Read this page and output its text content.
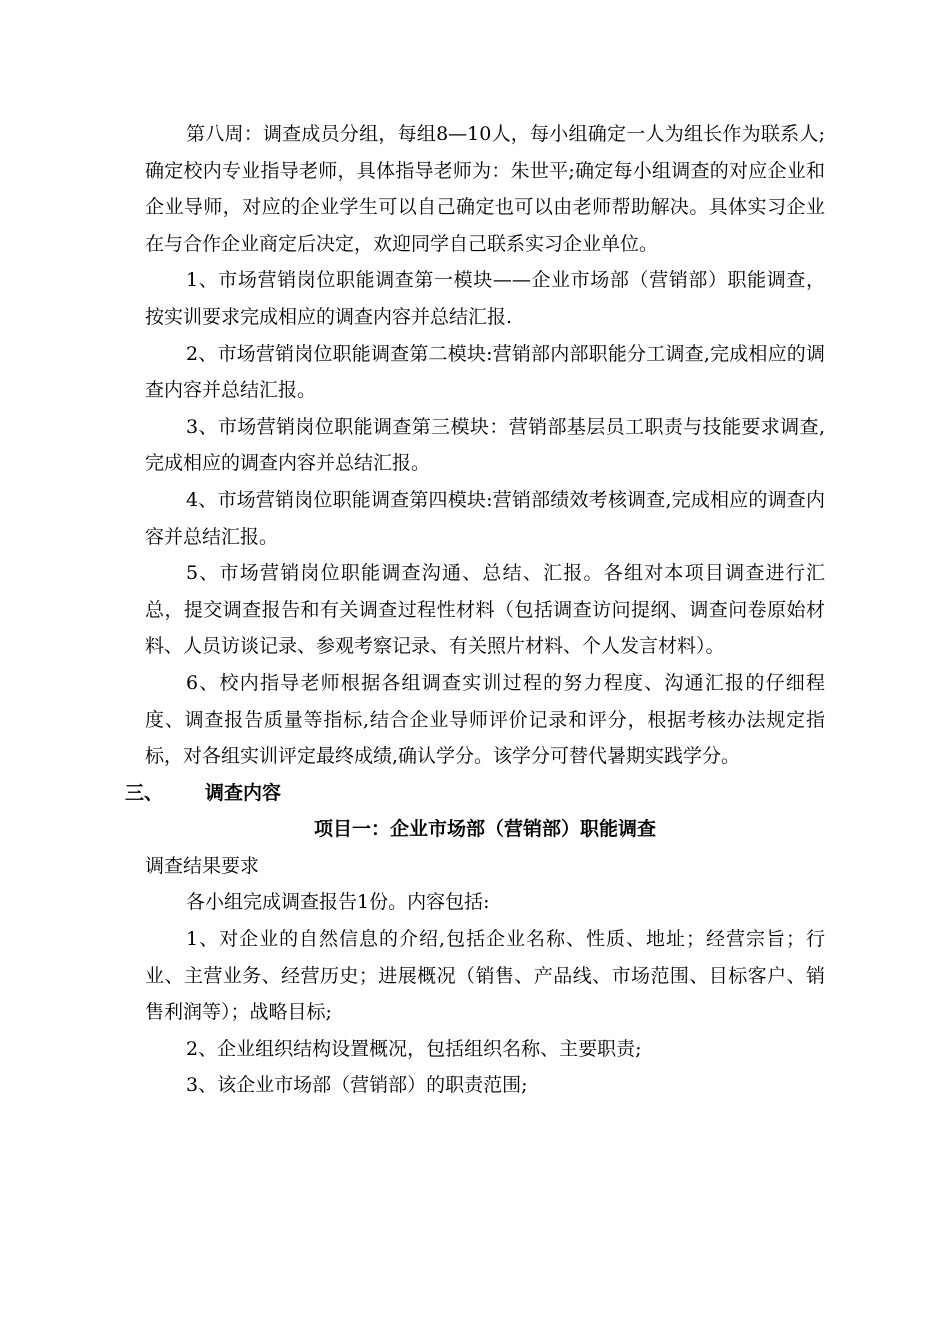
第八周：调查成员分组，每组8—10人，每小组确定一人为组长作为联系人;确定校内专业指导老师，具体指导老师为：朱世平;确定每小组调查的对应企业和企业导师，对应的企业学生可以自己确定也可以由老师帮助解决。具体实习企业在与合作企业商定后决定，欢迎同学自己联系实习企业单位。

1、市场营销岗位职能调查第一模块——企业市场部（营销部）职能调查，按实训要求完成相应的调查内容并总结汇报.

2、市场营销岗位职能调查第二模块:营销部内部职能分工调查,完成相应的调查内容并总结汇报。

3、市场营销岗位职能调查第三模块：营销部基层员工职责与技能要求调查,完成相应的调查内容并总结汇报。

4、市场营销岗位职能调查第四模块:营销部绩效考核调查,完成相应的调查内容并总结汇报。

5、市场营销岗位职能调查沟通、总结、汇报。各组对本项目调查进行汇总，提交调查报告和有关调查过程性材料（包括调查访问提纲、调查问卷原始材料、人员访谈记录、参观考察记录、有关照片材料、个人发言材料）。

6、校内指导老师根据各组调查实训过程的努力程度、沟通汇报的仔细程度、调查报告质量等指标,结合企业导师评价记录和评分，根据考核办法规定指标，对各组实训评定最终成绩,确认学分。该学分可替代暑期实践学分。

三、 调查内容

项目一：企业市场部（营销部）职能调查

调查结果要求

各小组完成调查报告1份。内容包括:

1、对企业的自然信息的介绍,包括企业名称、性质、地址；经营宗旨；行业、主营业务、经营历史；进展概况（销售、产品线、市场范围、目标客户、销售利润等）；战略目标;

2、企业组织结构设置概况，包括组织名称、主要职责;

3、该企业市场部（营销部）的职责范围;
